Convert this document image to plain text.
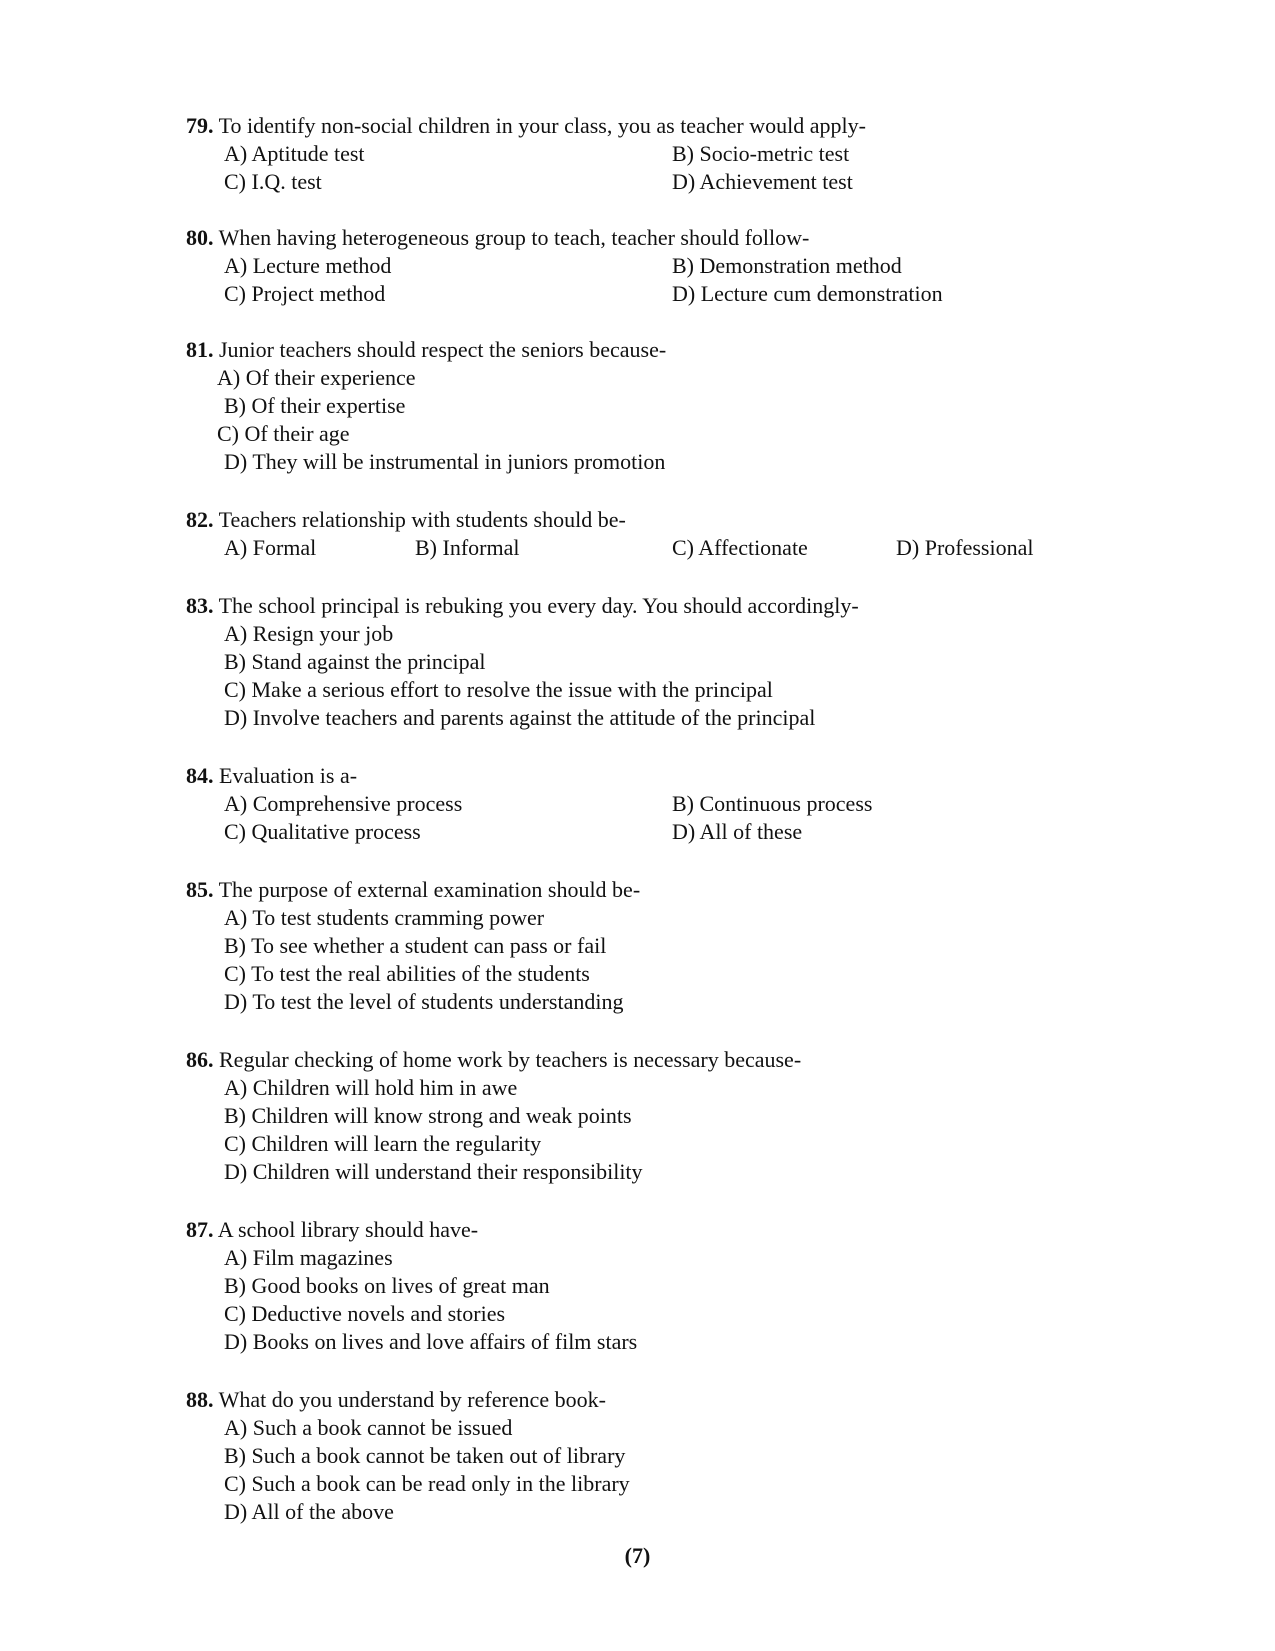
79. To identify non-social children in your class, you as teacher would apply-
A) Aptitude test	B) Socio-metric test
C) I.Q. test	D) Achievement test
80. When having heterogeneous group to teach, teacher should follow-
A) Lecture method	B) Demonstration method
C) Project method	D) Lecture cum demonstration
81. Junior teachers should respect the seniors because-
A) Of their experience
B) Of their expertise
C) Of their age
D) They will be instrumental in juniors promotion
82. Teachers relationship with students should be-
A) Formal	B) Informal	C) Affectionate	D) Professional
83. The school principal is rebuking you every day. You should accordingly-
A) Resign your job
B) Stand against the principal
C) Make a serious effort to resolve the issue with the principal
D) Involve teachers and parents against the attitude of the principal
84. Evaluation is a-
A) Comprehensive process	B) Continuous process
C) Qualitative process	D) All of these
85. The purpose of external examination should be-
A) To test students cramming power
B) To see whether a student can pass or fail
C) To test the real abilities of the students
D) To test the level of students understanding
86. Regular checking of home work by teachers is necessary because-
A) Children will hold him in awe
B) Children will know strong and weak points
C) Children will learn the regularity
D) Children will understand their responsibility
87. A school library should have-
A) Film magazines
B) Good books on lives of great man
C) Deductive novels and stories
D) Books on lives and love affairs of film stars
88. What do you understand by reference book-
A) Such a book cannot be issued
B) Such a book cannot be taken out of library
C) Such a book can be read only in the library
D) All of the above
(7)
